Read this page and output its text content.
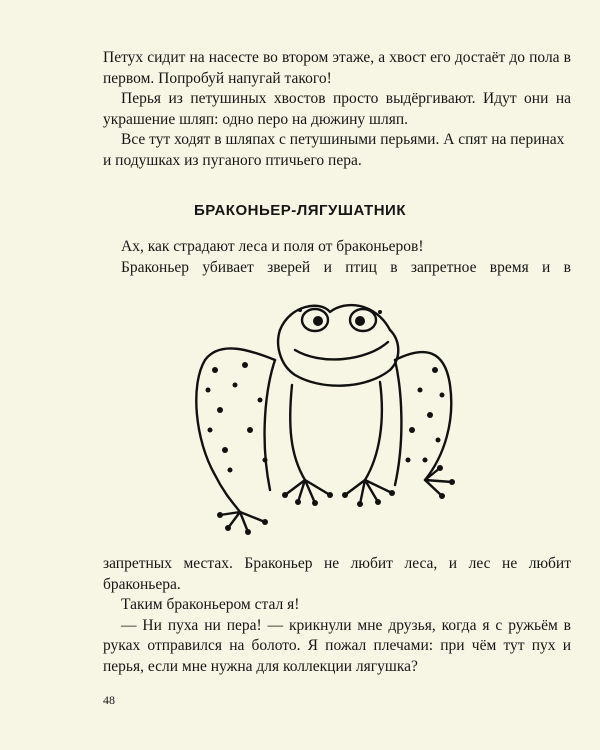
Петух сидит на насесте во втором этаже, а хвост его достаёт до пола в первом. Попробуй напугай такого!

Перья из петушиных хвостов просто выдёргивают. Идут они на украшение шляп: одно перо на дюжину шляп.

Все тут ходят в шляпах с петушиными перьями. А спят на перинах и подушках из пуганого птичьего пера.

БРАКОНЬЕР-ЛЯГУШАТНИК

Ах, как страдают леса и поля от браконьеров!

Браконьер убивает зверей и птиц в запретное время и в

запретных местах. Браконьер не любит леса, и лес не любит браконьера.

Таким браконьером стал я!

— Ни пуха ни пера! — крикнули мне друзья, когда я с ружьём в руках отправился на болото. Я пожал плечами: при чём тут пух и перья, если мне нужна для коллекции лягушка?

48
